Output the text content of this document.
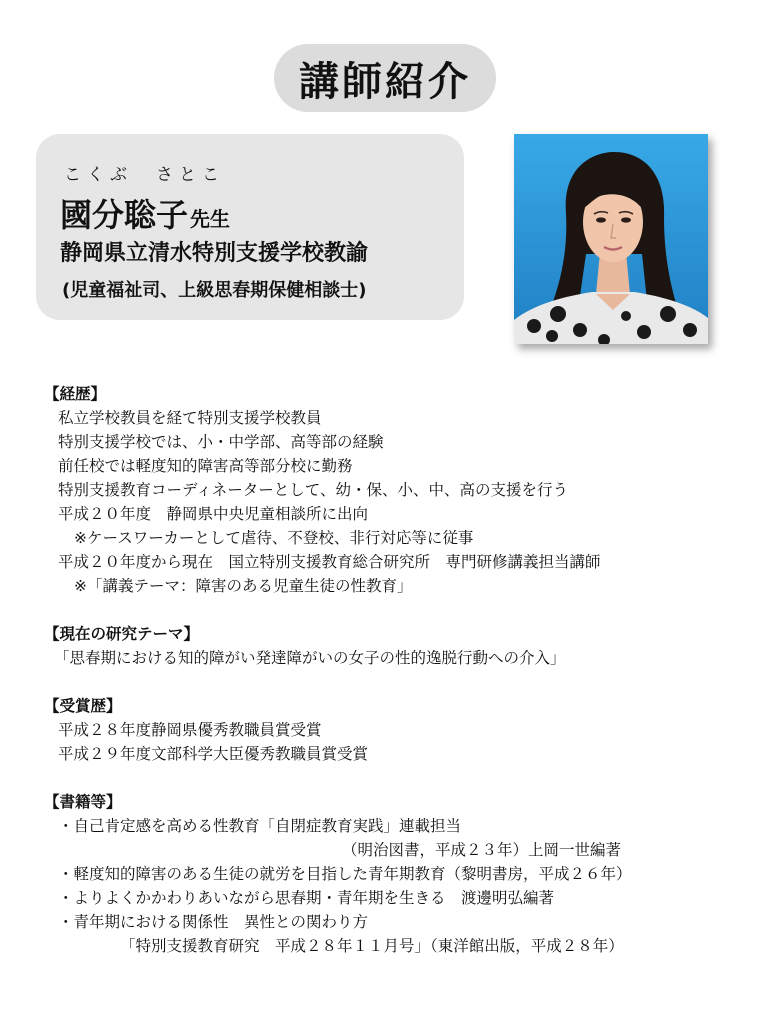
講師紹介
こくぶ　さとこ
國分聡子 先生
静岡県立清水特別支援学校教諭
(児童福祉司、上級思春期保健相談士)

【経歴】

私立学校教員を経て特別支援学校教員

特別支援学校では、小・中学部、高等部の経験

前任校では軽度知的障害高等部分校に勤務

特別支援教育コーディネーターとして、幼・保、小、中、高の支援を行う

平成２０年度　静岡県中央児童相談所に出向

※ケースワーカーとして虐待、不登校、非行対応等に従事

平成２０年度から現在　国立特別支援教育総合研究所　専門研修講義担当講師

※「講義テーマ：障害のある児童生徒の性教育」

【現在の研究テーマ】

「思春期における知的障がい発達障がいの女子の性的逸脱行動への介入」

【受賞歴】

平成２８年度静岡県優秀教職員賞受賞

平成２９年度文部科学大臣優秀教職員賞受賞

【書籍等】

・自己肯定感を高める性教育「自閉症教育実践」連載担当

（明治図書，平成２３年）上岡一世編著

・軽度知的障害のある生徒の就労を目指した青年期教育（黎明書房，平成２６年）

・よりよくかかわりあいながら思春期・青年期を生きる　渡邊明弘編著

・青年期における関係性　異性との関わり方

「特別支援教育研究　平成２８年１１月号」（東洋館出版，平成２８年）
